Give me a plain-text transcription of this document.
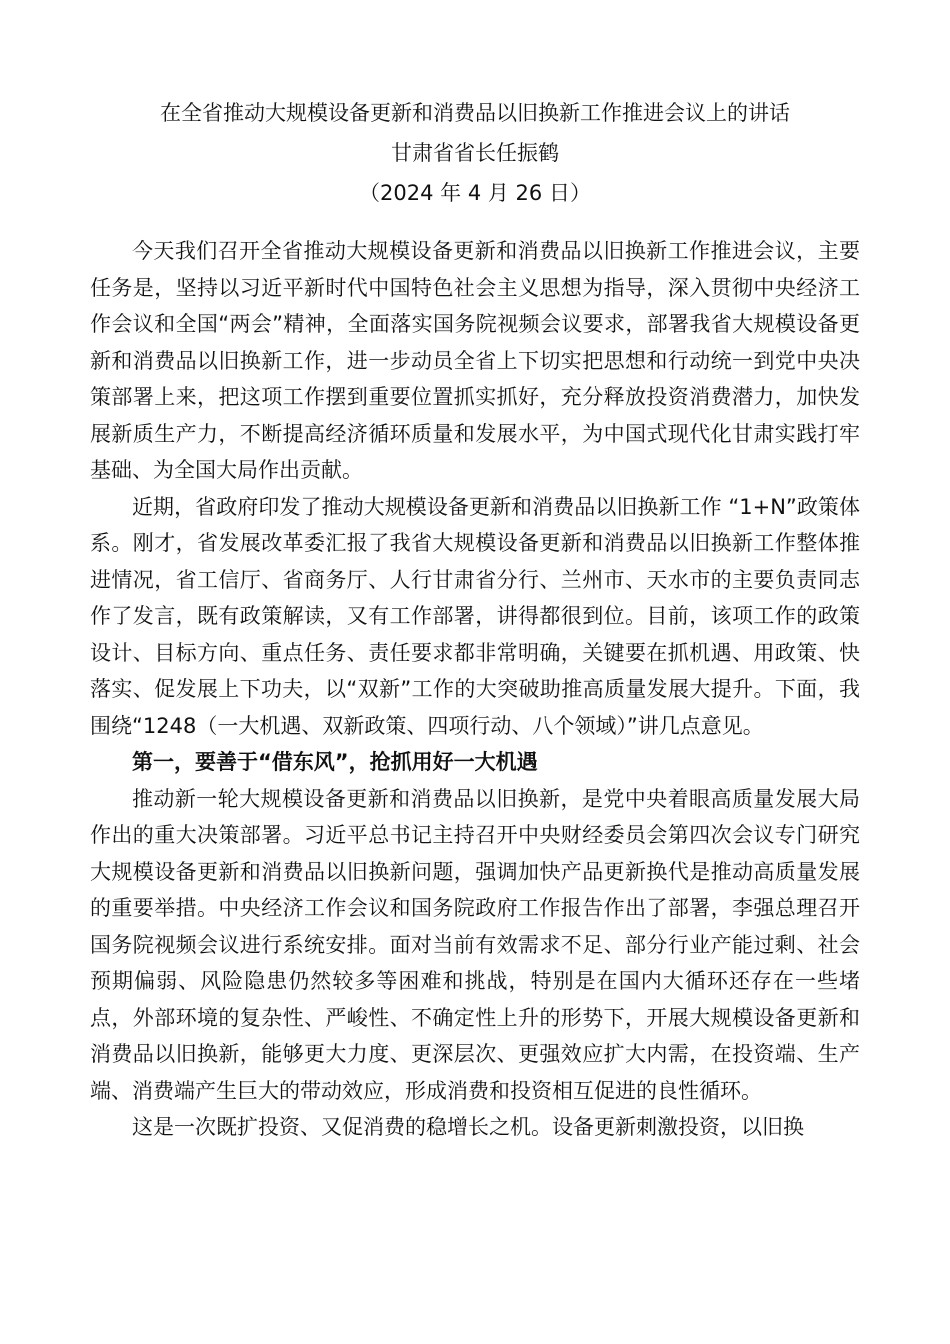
在全省推动大规模设备更新和消费品以旧换新工作推进会议上的讲话
甘肃省省长任振鹤
（2024 年 4 月 26 日）

今天我们召开全省推动大规模设备更新和消费品以旧换新工作推进会议，主要任务是，坚持以习近平新时代中国特色社会主义思想为指导，深入贯彻中央经济工作会议和全国“两会”精神，全面落实国务院视频会议要求，部署我省大规模设备更新和消费品以旧换新工作，进一步动员全省上下切实把思想和行动统一到党中央决策部署上来，把这项工作摆到重要位置抓实抓好，充分释放投资消费潜力，加快发展新质生产力，不断提高经济循环质量和发展水平，为中国式现代化甘肃实践打牢基础、为全国大局作出贡献。

近期，省政府印发了推动大规模设备更新和消费品以旧换新工作 “1+N”政策体系。刚才，省发展改革委汇报了我省大规模设备更新和消费品以旧换新工作整体推进情况，省工信厅、省商务厅、人行甘肃省分行、兰州市、天水市的主要负责同志作了发言，既有政策解读，又有工作部署，讲得都很到位。目前，该项工作的政策设计、目标方向、重点任务、责任要求都非常明确，关键要在抓机遇、用政策、快落实、促发展上下功夫，以“双新”工作的大突破助推高质量发展大提升。下面，我围绕“1248（一大机遇、双新政策、四项行动、八个领域）”讲几点意见。

第一，要善于“借东风”，抢抓用好一大机遇

推动新一轮大规模设备更新和消费品以旧换新，是党中央着眼高质量发展大局作出的重大决策部署。习近平总书记主持召开中央财经委员会第四次会议专门研究大规模设备更新和消费品以旧换新问题，强调加快产品更新换代是推动高质量发展的重要举措。中央经济工作会议和国务院政府工作报告作出了部署，李强总理召开国务院视频会议进行系统安排。面对当前有效需求不足、部分行业产能过剩、社会预期偏弱、风险隐患仍然较多等困难和挑战，特别是在国内大循环还存在一些堵点，外部环境的复杂性、严峻性、不确定性上升的形势下，开展大规模设备更新和消费品以旧换新，能够更大力度、更深层次、更强效应扩大内需，在投资端、生产端、消费端产生巨大的带动效应，形成消费和投资相互促进的良性循环。

这是一次既扩投资、又促消费的稳增长之机。设备更新刺激投资，以旧换
